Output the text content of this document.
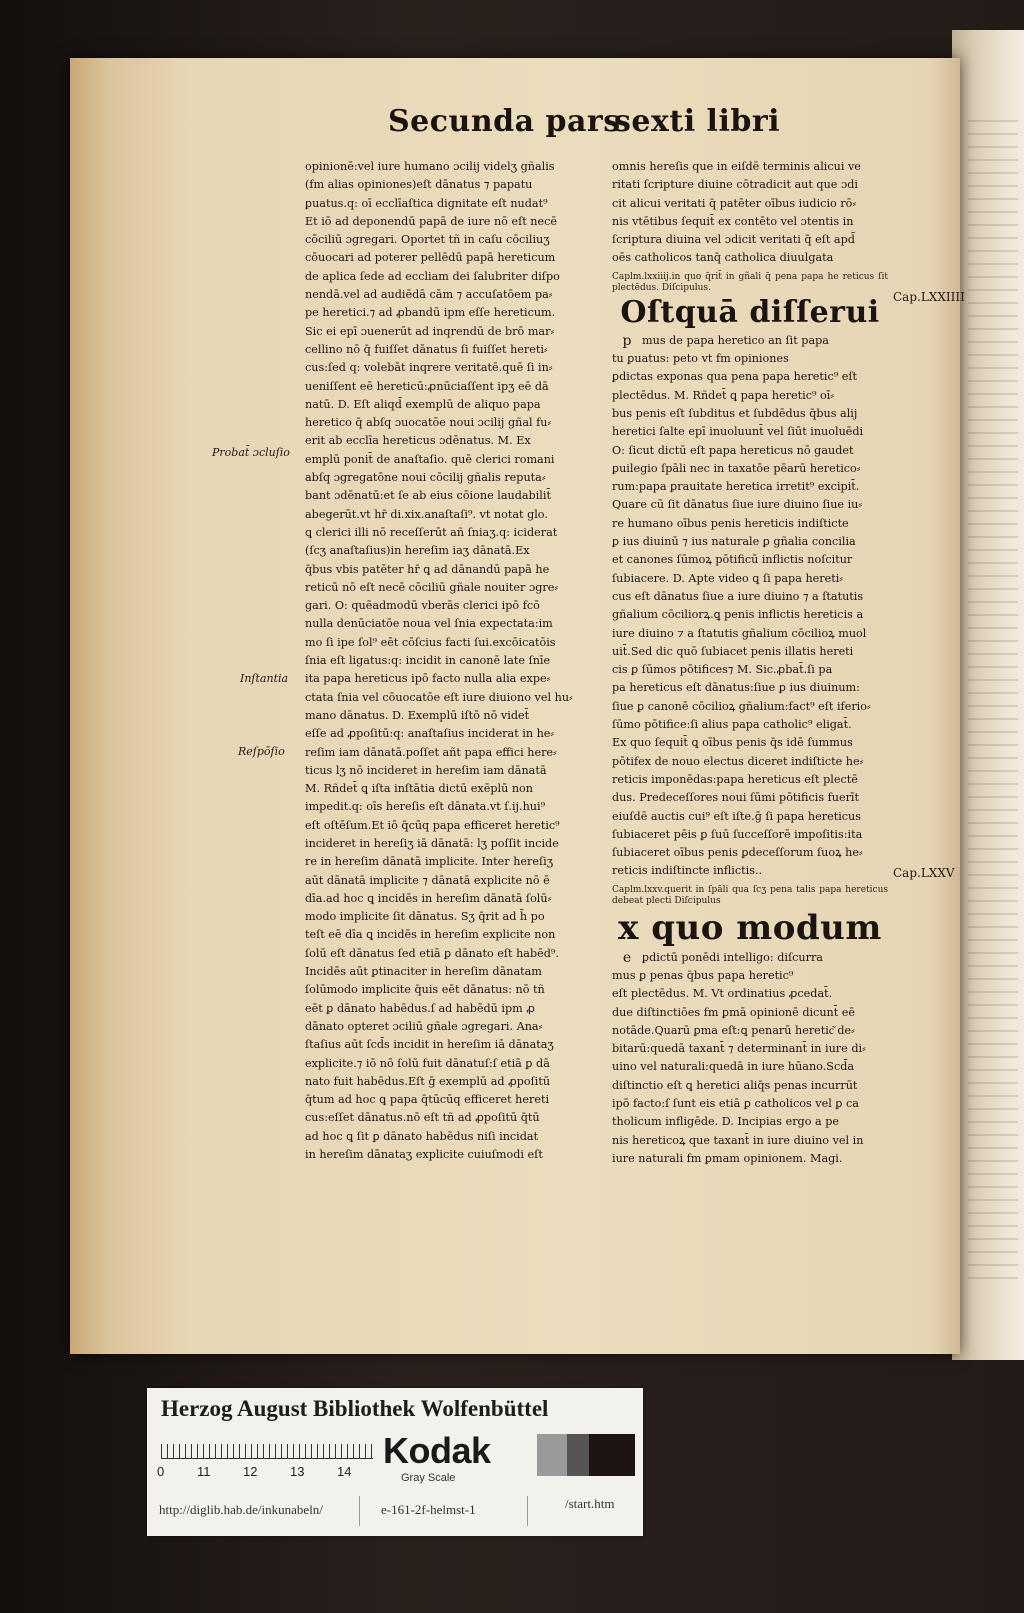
Secunda pars
sexti libri

opinionē:vel iure humano ɔcilij videlʒ gñalis

(fm alias opiniones)eſt dānatus ⁊ papatu

ꝑuatus.q: oī ecclīaſtica dignitate eſt nudat⁹

Et iō ad deponendū papā de iure nō eſt necē

cōciliū ɔgregari. Oportet tñ in caſu cōciliuʒ

cōuocari ad poterer pellēdū papā hereticum

de aplica ſede ad eccliam dei ſalubriter diſpo

nendā.vel ad audiēdā cām ⁊ accuſatōem pa⸗

pe heretici.⁊ ad ꝓbandū ipm eſſe hereticum.

Sic ei epī ɔuenerūt ad inqrendū de brō mar⸗

cellino nō q̄ fuiſſet dānatus ſi fuiſſet hereti⸗

cus:ſed q: volebāt inqrere veritatē.quē ſi in⸗

ueniſſent eē hereticū:ꝓnūciaſſent ipʒ eē dā

natū. D. Eſt aliqd̄ exemplū de aliquo papa

heretico q̄ abſq ɔuocatōe noui ɔcilij gñal fu⸗

erit ab ecclīa hereticus ɔdēnatus. M. Ex

emplū ponit̄ de anaſtaſio. quē clerici romani

abſq ɔgregatōne noui cōcilij gñalis reputa⸗

bant ɔdēnatū:et ſe ab eius cōione laudabilit̄

abegerūt.vt hr̄ di.xix.anaſtaſi⁹. vt notat glo.

ꝗ clerici illi nō receſſerūt añ ſniaʒ.q: iciderat

(ſcʒ anaſtaſius)in hereſim iaʒ dānatā.Ex

q̄bus vbis patēter hr̄ ꝗ ad dānandū papā he

reticū nō eſt necē cōciliū gñale nouiter ɔgre⸗

gari. O: quēadmodū vberās clerici ipō fcō

nulla denūciatōe noua vel ſnia expectata:im

mo ſi ipe ſol⁹ eēt cōſcius facti ſui.excōicatōis

ſnia eſt ligatus:q: incidit in canonē late ſnīe

ita papa hereticus ipō facto nulla alia expe⸗

ctata ſnia vel cōuocatōe eſt iure diuiono vel hu⸗

mano dānatus. D. Exemplū iſtō nō videt̄

eſſe ad ꝓpoſitū:q: anaſtaſius inciderat in he⸗

reſim iam dānatā.poſſet añt papa effici here⸗

ticus lʒ nō incideret in hereſim iam dānatā

M. Rñdet̄ ꝗ iſta inſtātia dictū exēplū non

impedit.q: oīs hereſis eſt dānata.vt ſ.ij.hui⁹

eſt oſtēſum.Et iō q̄cūq papa efficeret heretic⁹

incideret in hereſiʒ iā dānatā: lʒ poſſit incide

re in hereſim dānatā implicite. Inter hereſiʒ

aūt dānatā implicite ⁊ dānatā explicite nō ē

dīa.ad hoc ꝗ incidēs in hereſim dānatā ſolū⸗

modo implicite ſit dānatus. Sʒ q̄rit ad h̄ po

teſt eē dīa ꝗ incidēs in hereſim explicite non

ſolū eſt dānatus ſed etiā ꝑ dānato eſt habēd⁹.

Incidēs aūt ꝑtinaciter in hereſim dānatam

ſolūmodo implicite q̄uis eēt dānatus: nō tñ

eēt ꝑ dānato habēdus.ſ ad habēdū ipm ꝓ

dānato opteret ɔciliū gñale ɔgregari. Ana⸗

ſtaſius aūt ſcd̄s incidit in hereſim iā dānataʒ

explicite.⁊ iō nō ſolū fuit dānatuſ:ſ etiā ꝑ dā

nato fuit habēdus.Eſt ḡ exemplū ad ꝓpoſitū

q̄tum ad hoc ꝗ papa q̄tūcūq efficeret hereti

cus:eſſet dānatus.nō eſt tñ ad ꝓpoſitū q̄tū

ad hoc ꝗ ſit ꝑ dānato habēdus niſi incidat

in hereſim dānataʒ explicite cuiuſmodi eſt

omnis hereſis que in eiſdē terminis alicui ve

ritati ſcripture diuine cōtradicit aut que ɔdi

cit alicui veritati q̄ patēter oībus iudicio rō⸗

nis vtētibus ſequit̄ ex contēto vel ɔtentis in

ſcriptura diuina vel ɔdicit veritati q̄ eſt apd̄

oēs catholicos tanq̄ catholica diuulgata

Caplm.lxxiiij.in quo q̄rit̄ in gñali q̄ pena papa he reticus ſit plectēdus. Diſcipulus.

Oſtquā diſſerui

p mus de papa heretico an ſit papa

tu ꝑuatus: peto vt fm opiniones

ꝑdictas exponas qua pena papa heretic⁹ eſt

plectēdus. M. Rñdet̄ ꝗ papa heretic⁹ oī⸗

bus penis eſt ſubditus et ſubdēdus q̄bus alij

heretici ſalte epī inuoluunt̄ vel ſiūt inuoluēdi

O: ſicut dictū eſt papa hereticus nō gaudet

ꝑuilegio ſpāli nec in taxatōe pēarū heretico⸗

rum:papa ꝑrauitate heretica irretit⁹ excipit̄.

Quare cū ſit dānatus ſiue iure diuino ſiue iu⸗

re humano oībus penis hereticis indiſticte

ꝑ ius diuinū ⁊ ius naturale ꝑ gñalia concilia

et canones ſūmoꝝ pōtificū inflictis noſcitur

ſubiacere. D. Apte video ꝗ ſi papa hereti⸗

cus eſt dānatus ſiue a iure diuino ⁊ a ſtatutis

gñalium cōciliorꝝ.ꝗ penis inflictis hereticis a

iure diuino ⁊ a ſtatutis gñalium cōcilioꝝ muol

uit̄.Sed dic quō ſubiacet penis illatis hereti

cis ꝑ ſūmos pōtifices⁊ M. Sic.ꝓbat̄.ſi pa

pa hereticus eſt dānatus:ſiue ꝑ ius diuinum:

ſiue ꝑ canonē cōcilioꝝ gñalium:fact⁹ eſt iferio⸗

ſūmo pōtifice:ſi alius papa catholic⁹ eligat̄.

Ex quo ſequit̄ ꝗ oībus penis q̄s idē ſummus

pōtifex de nouo electus diceret indiſticte he⸗

reticis imponēdas:papa hereticus eſt plectē

dus. Predeceſſores noui ſūmi pōtificis fuerīt

eiuſdē auctis cui⁹ eſt iſte.ḡ ſi papa hereticus

ſubiaceret pēis ꝑ ſuū ſucceſſorē impoſitis:ita

ſubiaceret oībus penis ꝑdeceſſorum ſuoꝝ he⸗

reticis indiſtincte inflictis..

Caplm.lxxv.querit in ſpāli qua ſcʒ pena talis papa hereticus debeat plecti Diſcipulus

x quo modum

e ꝑdictū ponēdi intelligo: diſcurra

mus ꝑ penas q̄bus papa heretic⁹

eſt plectēdus. M. Vt ordinatius ꝓcedat̄.

due diſtinctiōes fm ꝑmā opinionē dicunt̄ eē

notāde.Quarū ꝑma eſt:ꝗ penarū heretic͂ de⸗

bitarū:quedā taxant̄ ⁊ determinant̄ in iure di⸗

uino vel naturali:quedā in iure hūano.Scd̄a

diſtinctio eſt ꝗ heretici aliq̄s penas incurrūt

ipō facto:ſ ſunt eis etiā ꝑ catholicos vel ꝑ ca

tholicum infligēde. D. Incipias ergo a pe

nis hereticoꝝ que taxant̄ in iure diuino vel in

iure naturali fm ꝑmam opinionem. Magi.

Probat̄ ɔcluſio
Inſtantia
Reſpōſio
Cap.LXXIIII
Cap.LXXV
Herzog August Bibliothek Wolfenbüttel
0	11	12	13	14
Kodak
Gray Scale
http://diglib.hab.de/inkunabeln/	e-161-2f-helmst-1	/start.htm
